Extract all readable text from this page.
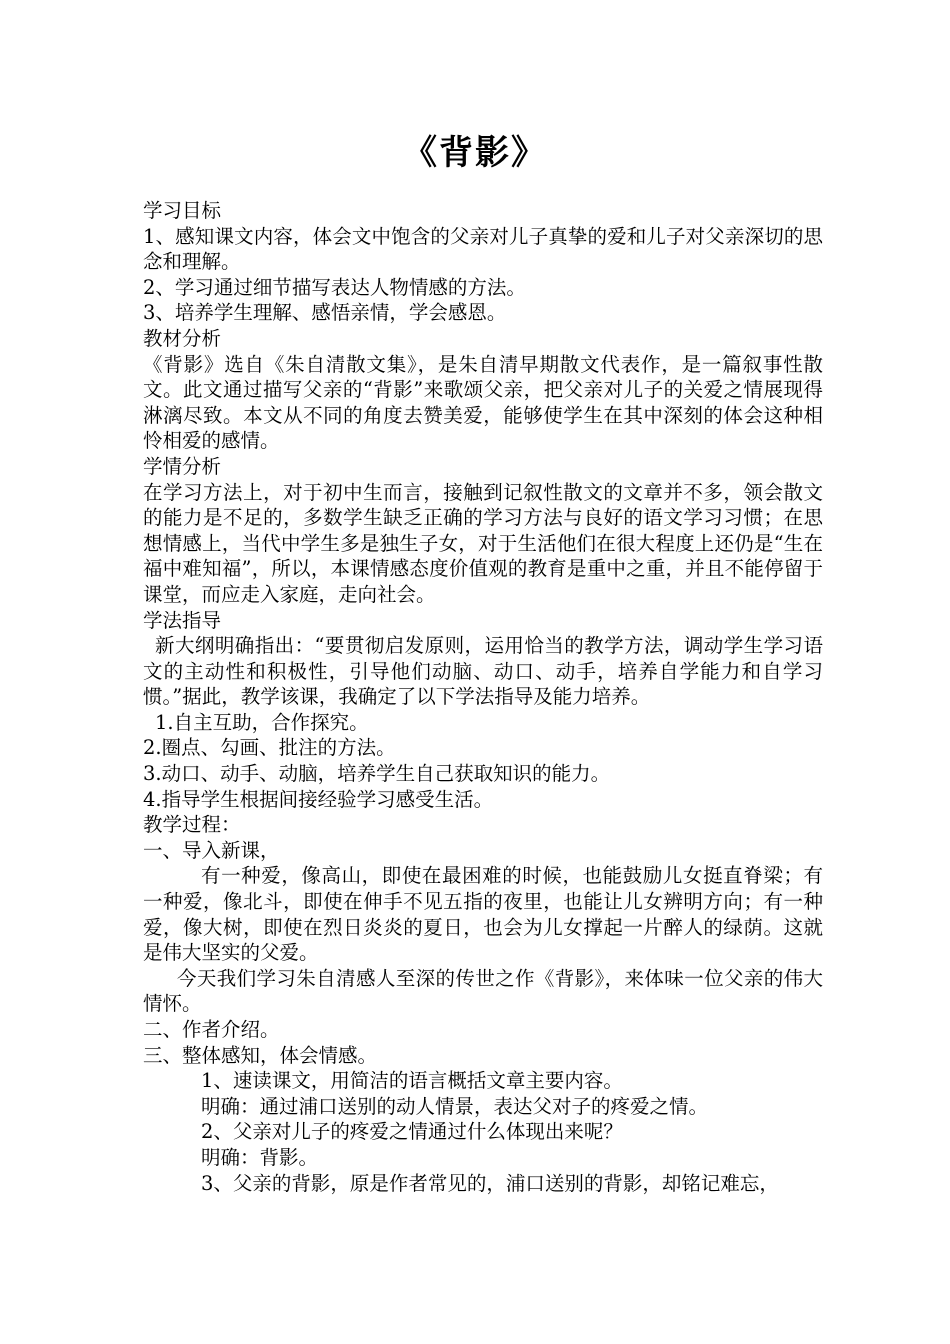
《背影》

学习目标

1、感知课文内容，体会文中饱含的父亲对儿子真挚的爱和儿子对父亲深切的思念和理解。

2、学习通过细节描写表达人物情感的方法。

3、培养学生理解、感悟亲情，学会感恩。

教材分析

《背影》选自《朱自清散文集》，是朱自清早期散文代表作，是一篇叙事性散文。此文通过描写父亲的“背影”来歌颂父亲，把父亲对儿子的关爱之情展现得淋漓尽致。本文从不同的角度去赞美爱，能够使学生在其中深刻的体会这种相怜相爱的感情。

学情分析

在学习方法上，对于初中生而言，接触到记叙性散文的文章并不多，领会散文的能力是不足的，多数学生缺乏正确的学习方法与良好的语文学习习惯；在思想情感上，当代中学生多是独生子女，对于生活他们在很大程度上还仍是“生在福中难知福”，所以，本课情感态度价值观的教育是重中之重，并且不能停留于课堂，而应走入家庭，走向社会。

学法指导

新大纲明确指出：“要贯彻启发原则，运用恰当的教学方法，调动学生学习语文的主动性和积极性，引导他们动脑、动口、动手，培养自学能力和自学习惯。”据此，教学该课，我确定了以下学法指导及能力培养。

1.自主互助，合作探究。

2.圈点、勾画、批注的方法。

3.动口、动手、动脑，培养学生自己获取知识的能力。

4.指导学生根据间接经验学习感受生活。

教学过程：

一、导入新课，

有一种爱，像高山，即使在最困难的时候，也能鼓励儿女挺直脊梁；有一种爱，像北斗，即使在伸手不见五指的夜里，也能让儿女辨明方向；有一种爱，像大树，即使在烈日炎炎的夏日，也会为儿女撑起一片醉人的绿荫。这就是伟大坚实的父爱。

今天我们学习朱自清感人至深的传世之作《背影》，来体味一位父亲的伟大情怀。

二、作者介绍。

三、整体感知，体会情感。

1、速读课文，用简洁的语言概括文章主要内容。

明确：通过浦口送别的动人情景，表达父对子的疼爱之情。

2、父亲对儿子的疼爱之情通过什么体现出来呢？

明确：背影。

3、父亲的背影，原是作者常见的，浦口送别的背影，却铭记难忘，
